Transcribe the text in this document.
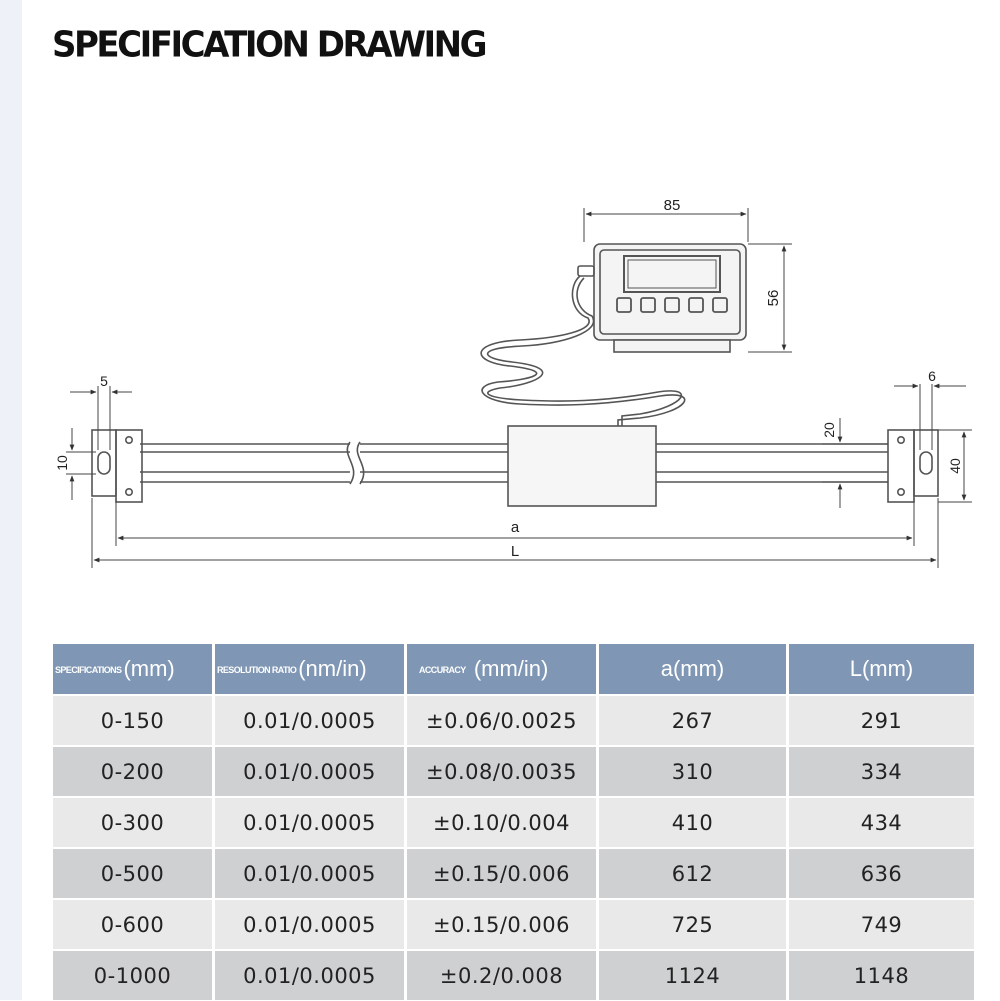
SPECIFICATION DRAWING
85
56
5
10
6
20
40
a
L
SPECIFICATIONS(mm)	RESOLUTION RATIO(nm/in)	ACCURACY (mm/in)	a(mm)	L(mm)
0-150	0.01/0.0005	±0.06/0.0025	267	291
0-200	0.01/0.0005	±0.08/0.0035	310	334
0-300	0.01/0.0005	±0.10/0.004	410	434
0-500	0.01/0.0005	±0.15/0.006	612	636
0-600	0.01/0.0005	±0.15/0.006	725	749
0-1000	0.01/0.0005	±0.2/0.008	1124	1148
